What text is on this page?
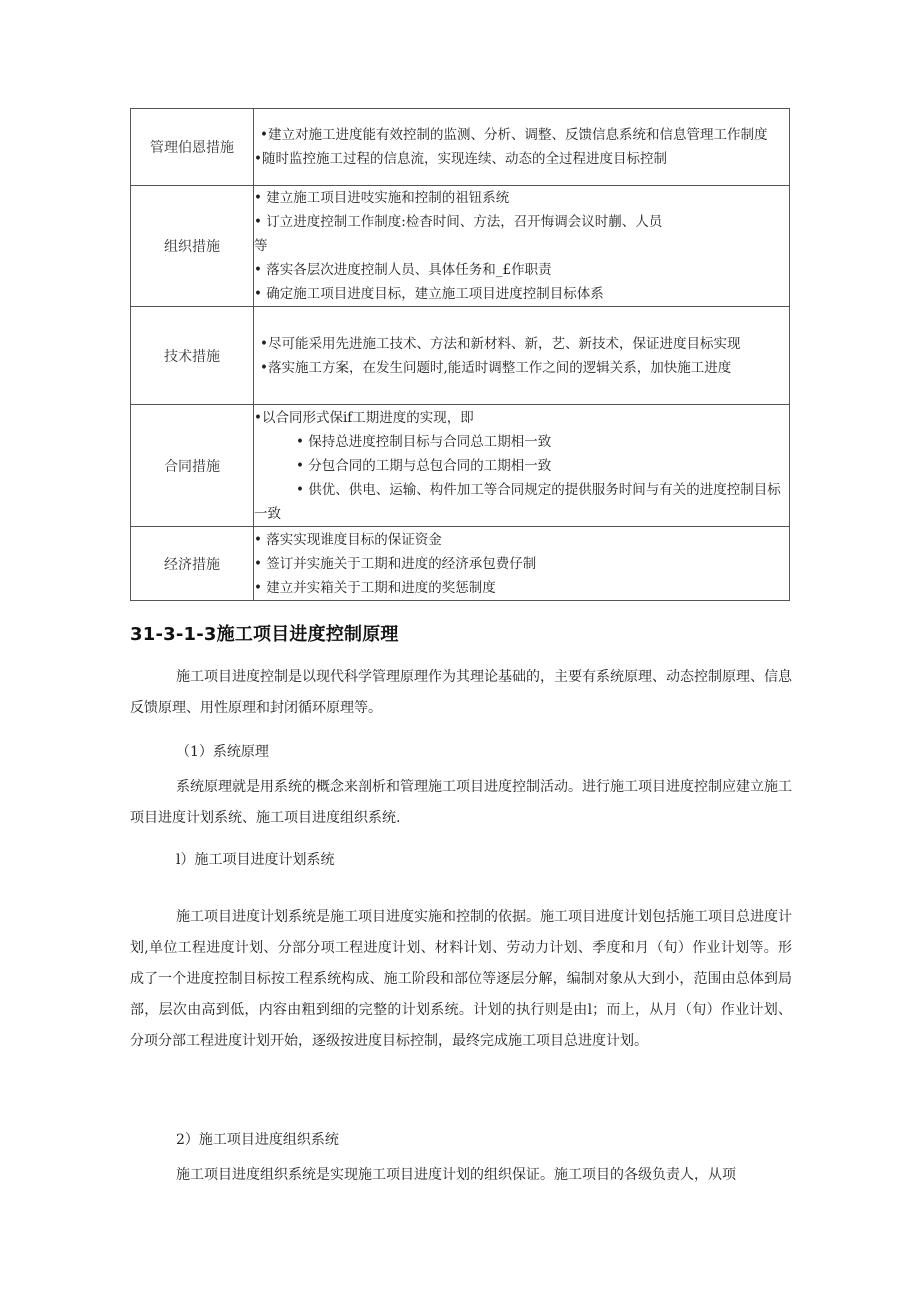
管理伯恩措施	•建立对施工进度能有效控制的监测、分析、调整、反馈信息系统和信息管理工作制度
•随时监控施工过程的信息流，实现连续、动态的全过程进度目标控制

组织措施	• 建立施工项目进吱实施和控制的祖钮系统
• 订立进度控制工作制度:检杳时间、方法，召开悔调会议时蒯、人员
等
• 落实各层次进度控制人员、具体任务和_£作职责
• 确定施工项目进度目标，建立施工项目进度控制目标体系

技术措施	•尽可能采用先进施工技术、方法和新材料、新，艺、新技术，保证进度目标实现
•落实施工方案，在发生问题时,能适时调整工作之间的逻辑关系，加快施工进度

合同措施	•以合同形式保if工期进度的实现，即
• 保持总进度控制目标与合同总工期相一致
• 分包合同的工期与总包合同的工期相一致
• 供优、供电、运输、构件加工等合同规定的提供服务时间与有关的进度控制目标一致

经济措施	• 落实实现谁度目标的保证资金
• 签订并实施关于工期和进度的经济承包费仔制
• 建立并实箱关于工期和进度的奖惩制度
31-3-1-3施工项目进度控制原理

施工项目进度控制是以现代科学管理原理作为其理论基础的，主要有系统原理、动态控制原理、信息反馈原理、用性原理和封闭循环原理等。

（1）系统原理

系统原理就是用系统的概念来剖析和管理施工项目进度控制活动。进行施工项目进度控制应建立施工项目进度计划系统、施工项目进度组织系统.

l）施工项目进度计划系统

施工项目进度计划系统是施工项目进度实施和控制的依据。施工项目进度计划包括施工项目总进度计划,单位工程进度计划、分部分项工程进度计划、材料计划、劳动力计划、季度和月（旬）作业计划等。形成了一个进度控制目标按工程系统构成、施工阶段和部位等逐层分解，编制对象从大到小，范围由总体到局部，层次由高到低，内容由粗到细的完整的计划系统。计划的执行则是由l；而上，从月（旬）作业计划、分项分部工程进度计划开始，逐级按进度目标控制，最终完成施工项目总进度计划。

2）施工项目进度组织系统

施工项目进度组织系统是实现施工项目进度计划的组织保证。施工项目的各级负责人，从项
